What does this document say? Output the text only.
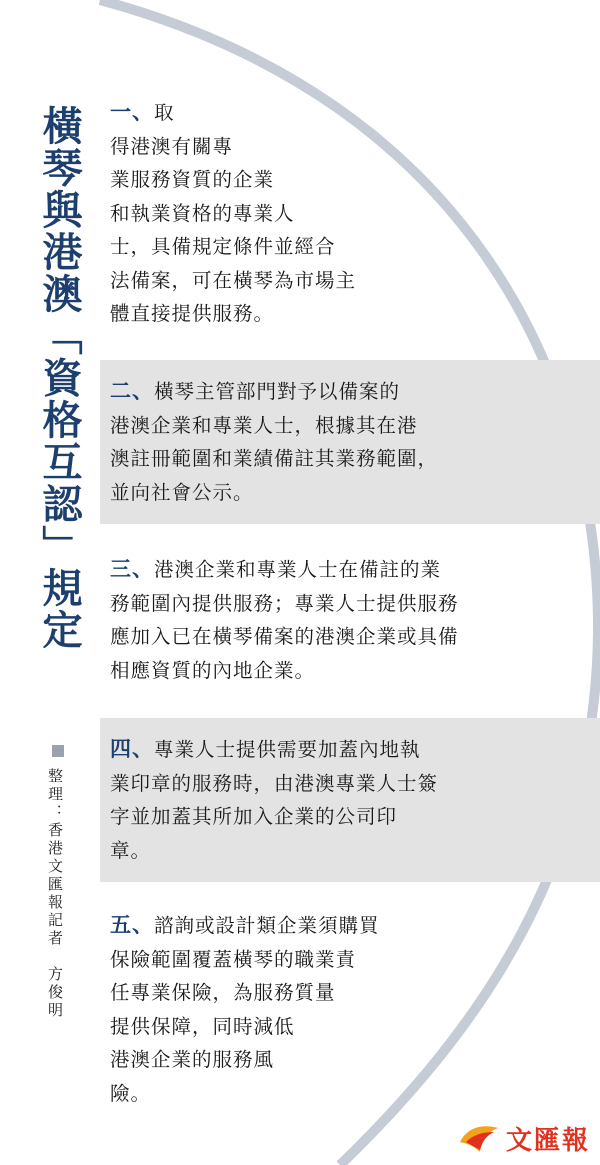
橫琴與港澳「資格互認」規定
整理：香港文匯報記者　方俊明

一、取

得港澳有關專

業服務資質的企業

和執業資格的專業人

士，具備規定條件並經合

法備案，可在橫琴為市場主

體直接提供服務。

二、橫琴主管部門對予以備案的

港澳企業和專業人士，根據其在港

澳註冊範圍和業績備註其業務範圍，

並向社會公示。

三、港澳企業和專業人士在備註的業

務範圍內提供服務；專業人士提供服務

應加入已在橫琴備案的港澳企業或具備

相應資質的內地企業。

四、專業人士提供需要加蓋內地執

業印章的服務時，由港澳專業人士簽

字並加蓋其所加入企業的公司印

章。

五、諮詢或設計類企業須購買

保險範圍覆蓋橫琴的職業責

任專業保險，為服務質量

提供保障，同時減低

港澳企業的服務風

險。

文匯報
